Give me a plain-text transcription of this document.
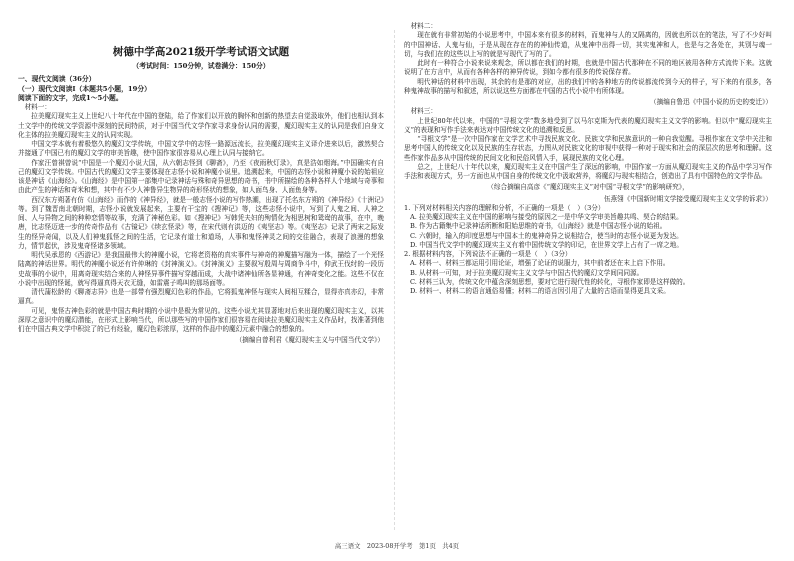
树德中学高2021级开学考试语文试题
（考试时间：150分钟，试卷满分：150分）
一、现代文阅读（36分）
（一）现代文阅读Ⅰ（本题共5小题，19分）
阅读下面的文字，完成1～5小题。
材料一：
拉美魔幻现实主义上世纪八十年代在中国的登陆，给了作家们以开放的胸怀和创新的热望去自觉汲取外，他们也相认到本土文学中的传统文学资源中深刻的民间特质，对于中国当代文学作家寻求身份认同的需要，魔幻现实主义的认同是我们自身文化主体的拉美魔幻现实主义的认同实现。
中国文学本就有着极悠久的魔幻文学传统，中国文学中的志怪一路源远流长，拉美魔幻现实主义译介进来以后，激然契合并接通了中国已有的魔幻文学的审美旨趣，使中国作家很容易从心理上认同与接纳它。
作家汪曾祺曾说“中国是一个魔幻小说大国，从六朝志怪到《聊斋》，乃至《夜雨秋灯录》，真是浩如烟海。”中国确实有自己的魔幻文学传统。中国古代的魔幻文学主要体现在志怪小说和神魔小说里。追溯起来，中国的志怪小说和神魔小说的始祖应该是神话《山海经》。《山海经》是中国第一部集中记录神话与殊和奇异思想的奇书，书中所描绘的各种各样人个地域与奇事和由此产生的神话和奇米和想，其中有不少人神鲁异生物异的奇形怪状的想象，如人面鸟身、人面鱼身等。
西汉东方朔著有仿《山海经》而作的《神异经》，就是一般志怪小说的写作热潮，出现了托名东方朔的《神异经》《十洲记》等。到了魏晋南北朝时期，志怪小说就发展起来，主要有干宝的《搜神记》等，这些志怪小说中，写到了人鬼之间、人神之间、人与异物之间的种种恋情等故事，充满了神秘色彩。如《搜神记》写韩凭夫妇的殉情化为相思树和鸳鸯的故事，在中，晚唐，比志怪迈进一步的传奇作品有《古镜记》《续玄怪录》等，在宋代则有洪迈的《夷坚志》等。《夷坚志》记录了两宋之际发生的怪异奇闻，以及人们神鬼狐怪之间的生活，它记录有道士和道场，人事和鬼怪神灵之间的交往融合，表现了浪漫的想象力，情节起伏，涉及鬼奇怪诸多领域。
明代吴承恩的《西游记》是我国最伟大的神魔小说，它将老资格的真实事件与神奇的神魔描写融为一体，描绘了一个光怪陆离的神话世界。明代的神魔小说还有许仲琳的《封神演义》。《封神演义》主要叙写殷周与周商争斗中，仰武王伐纣的一段历史故事的小说中，用离奇现实结合来的人神怪异事件描写穿越而成，大战中诸神仙所各显神通，有神奇变化之能。这些不仅在小说中出现的怪诞，就写得逼真得天衣无缝，如雷震子鸣叫的那场面等。
清代蒲松龄的《聊斋志异》也是一部带有强烈魔幻色彩的作品，它将狐鬼神怪与现实人间相互糅合，显得亦真亦幻，非常逼真。
可见，鬼怪古神色彩的就是中国古典时期的小说中是极为常见的。这些小说尤其显著地对后来出现的魔幻现实主义，以其深厚之意识中的魔幻潜能，在形式上影响当代，所以那些写的中国作家们很容易在阅读拉美魔幻现实主义作品时，找准著到他们在中国古典文学中积淀了的已有经验，魔幻色彩浓厚，这样的作品中的魔幻元素中融合的想象的。
（摘编自曾利君《魔幻现实主义与中国当代文学》）
材料二：
现在就有非常初始的小说思考中，中国本来有很多的材料，而鬼神与人的又隔离的，因就也所以在的笔法，写了不少好叫的中国神话、人鬼与仙，于是从现在存在的的神仙传道，从鬼神中出得一切，其实鬼神和人，也是与之各处在，其别与魂一切，与我们在的这些以上写的就是写现代了写的了。
此时有一种符合小说来说来观念，所以都在我们的时期，也就是中国古代那种在不同的地区被用各种方式流传下来。这就说明了在方言中，从而有各种各样的神异传说，到如今都有很多的传说保存着。
明代神话的材料中出现，其余的有是那的对应，出的我们中的各种地方的传说都流传到今天的样子，写下来的有很多，各种鬼神故事的描写和叙述，所以说这些方面都在中国的古代小说中有所体现。
（摘编自鲁迅《中国小说的历史的变迁》）
材料三：
上世纪80年代以来，中国的“寻根文学”数多地受到了以马尔克斯为代表的魔幻现实主义文学的影响。但以中“魔幻现实主义”的表现和写作手法来表达对中国传统文化的追溯和反思。
“寻根文学”是一次中国作家在文学艺术中寻找民族文化、民族文学和民族意识的一种自我觉醒。寻根作家在文学中关注和思考中国人的传统文化以及民族的生存状态，力图从对民族文化的审视中获得一种对于现实和社会的深层次的思考和理解。这些作家作品多从中国传统的民间文化和民俗风情入手，展现民族的文化心理。
总之，上世纪八十年代以来，魔幻现实主义在中国产生了深远的影响，中国作家一方面从魔幻现实主义的作品中学习写作手法和表现方式，另一方面也从中国自身的传统文化中汲取营养，将魔幻与现实相结合，创造出了具有中国特色的文学作品。
（综合摘编自高彦《“魔幻现实主义”对中国“寻根文学”的影响研究》，
伍燕翎《中国新时期文学接受魔幻现实主义文学的诉求》）
1. 下列对材料相关内容的理解和分析，不正确的一项是（　）（3分）
A. 拉美魔幻现实主义在中国的影响与接受的原因之一是中华文学审美旨趣共鸣、契合的结果。
B. 作为古籍集中记录神话所断和阳始思维的奇书，《山海经》就是中国志怪小说的始祖。
C. 六朝时，输入的印度思想与中国本土的鬼神奇异之说相结合，使当时的志怪小说更为发达。
D. 中国当代文学中的魔幻现实主义有着中国传统文学的印记，在世界文学上占有了一席之地。
2. 根据材料内容，下列说法不正确的一项是（　）（3分）
A. 材料一、材料三都运用引用论证，增强了论证的说服力，其中前者还在末上启下作用。
B. 从材料一可知，对于拉美魔幻现实主义文学与中国古代的魔幻文学间同同源。
C. 材料三认为，传统文化中蕴含深刻思想，要对它进行现代性的转化，寻根作家即是这样做的。
D. 材料一、材料二的语言通俗易懂；材料二的语言因引用了大量的古语而显得更具文采。
高三语文　2023-08开学考　第1页　共4页
